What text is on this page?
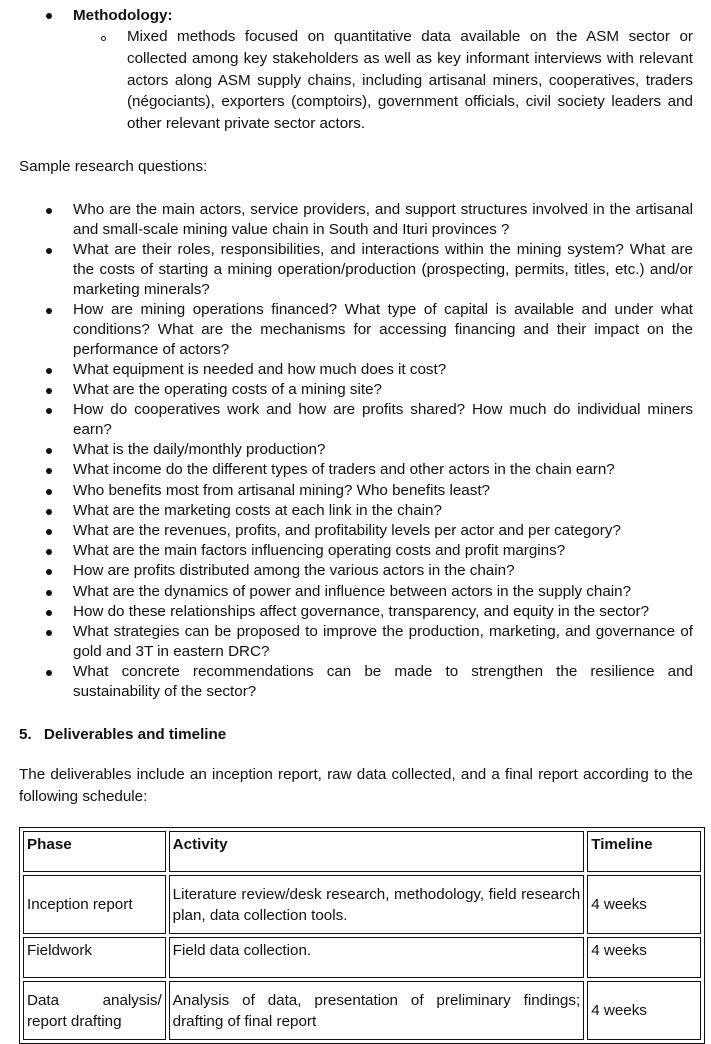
Methodology:
Mixed methods focused on quantitative data available on the ASM sector or collected among key stakeholders as well as key informant interviews with relevant actors along ASM supply chains, including artisanal miners, cooperatives, traders (négociants), exporters (comptoirs), government officials, civil society leaders and other relevant private sector actors.
Sample research questions:
Who are the main actors, service providers, and support structures involved in the artisanal and small-scale mining value chain in South and Ituri provinces ?
What are their roles, responsibilities, and interactions within the mining system? What are the costs of starting a mining operation/production (prospecting, permits, titles, etc.) and/or marketing minerals?
How are mining operations financed? What type of capital is available and under what conditions? What are the mechanisms for accessing financing and their impact on the performance of actors?
What equipment is needed and how much does it cost?
What are the operating costs of a mining site?
How do cooperatives work and how are profits shared? How much do individual miners earn?
What is the daily/monthly production?
What income do the different types of traders and other actors in the chain earn?
Who benefits most from artisanal mining? Who benefits least?
What are the marketing costs at each link in the chain?
What are the revenues, profits, and profitability levels per actor and per category?
What are the main factors influencing operating costs and profit margins?
How are profits distributed among the various actors in the chain?
What are the dynamics of power and influence between actors in the supply chain?
How do these relationships affect governance, transparency, and equity in the sector?
What strategies can be proposed to improve the production, marketing, and governance of gold and 3T in eastern DRC?
What concrete recommendations can be made to strengthen the resilience and sustainability of the sector?
5. Deliverables and timeline
The deliverables include an inception report, raw data collected, and a final report according to the following schedule:
Phase	Activity	Timeline
Inception report	Literature review/desk research, methodology, field research plan, data collection tools.	4 weeks
Fieldwork	Field data collection.	4 weeks
Data analysis/ report drafting	Analysis of data, presentation of preliminary findings; drafting of final report	4 weeks
